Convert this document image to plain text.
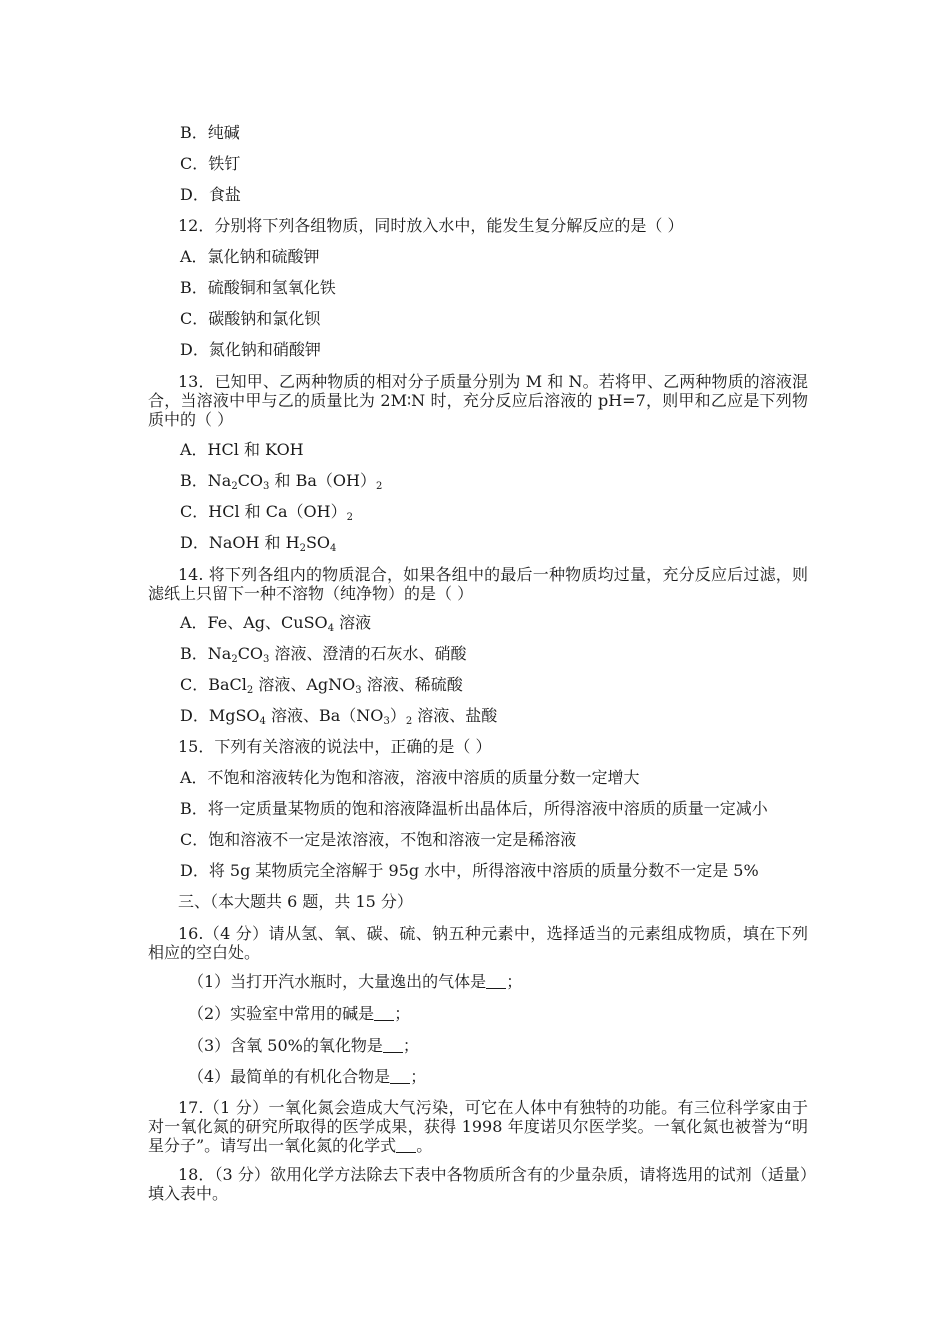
B．纯碱
C．铁钉
D．食盐
12．分别将下列各组物质，同时放入水中，能发生复分解反应的是（ ）
A．氯化钠和硫酸钾
B．硫酸铜和氢氧化铁
C．碳酸钠和氯化钡
D．氮化钠和硝酸钾
13．已知甲、乙两种物质的相对分子质量分别为 M 和 N。若将甲、乙两种物质的溶液混合，当溶液中甲与乙的质量比为 2M∶N 时，充分反应后溶液的 pH=7，则甲和乙应是下列物质中的（ ）
A．HCl 和 KOH
B．$Na_2CO_3$ 和 $Ba(OH)_2$
C．HCl 和 $Ca(OH)_2$
D．NaOH 和 $H_2SO_4$
14. 将下列各组内的物质混合，如果各组中的最后一种物质均过量，充分反应后过滤，则滤纸上只留下一种不溶物（纯净物）的是（ ）
A．Fe、Ag、CuSO$_4$ 溶液
B．$Na_2CO_3$ 溶液、澄清的石灰水、硝酸
C．BaCl$_2$ 溶液、AgNO$_3$ 溶液、稀硫酸
D．MgSO$_4$ 溶液、$Ba(NO_3)_2$ 溶液、盐酸
15．下列有关溶液的说法中，正确的是（ ）
A．不饱和溶液转化为饱和溶液，溶液中溶质的质量分数一定增大
B．将一定质量某物质的饱和溶液降温析出晶体后，所得溶液中溶质的质量一定减小
C．饱和溶液不一定是浓溶液，不饱和溶液一定是稀溶液
D．将 5g 某物质完全溶解于 95g 水中，所得溶液中溶质的质量分数不一定是 5%
三、（本大题共 6 题，共 15 分）
16.（4 分）请从氢、氧、碳、硫、钠五种元素中，选择适当的元素组成物质，填在下列相应的空白处。
（1）当打开汽水瓶时，大量逸出的气体是 ；
（2）实验室中常用的碱是 ；
（3）含氧 50%的氧化物是 ；
（4）最简单的有机化合物是 ；
17.（1 分）一氧化氮会造成大气污染，可它在人体中有独特的功能。有三位科学家由于对一氧化氮的研究所取得的医学成果，获得 1998 年度诺贝尔医学奖。一氧化氮也被誉为“明星分子”。请写出一氧化氮的化学式 。
18．（3 分）欲用化学方法除去下表中各物质所含有的少量杂质，请将选用的试剂（适量）填入表中。
